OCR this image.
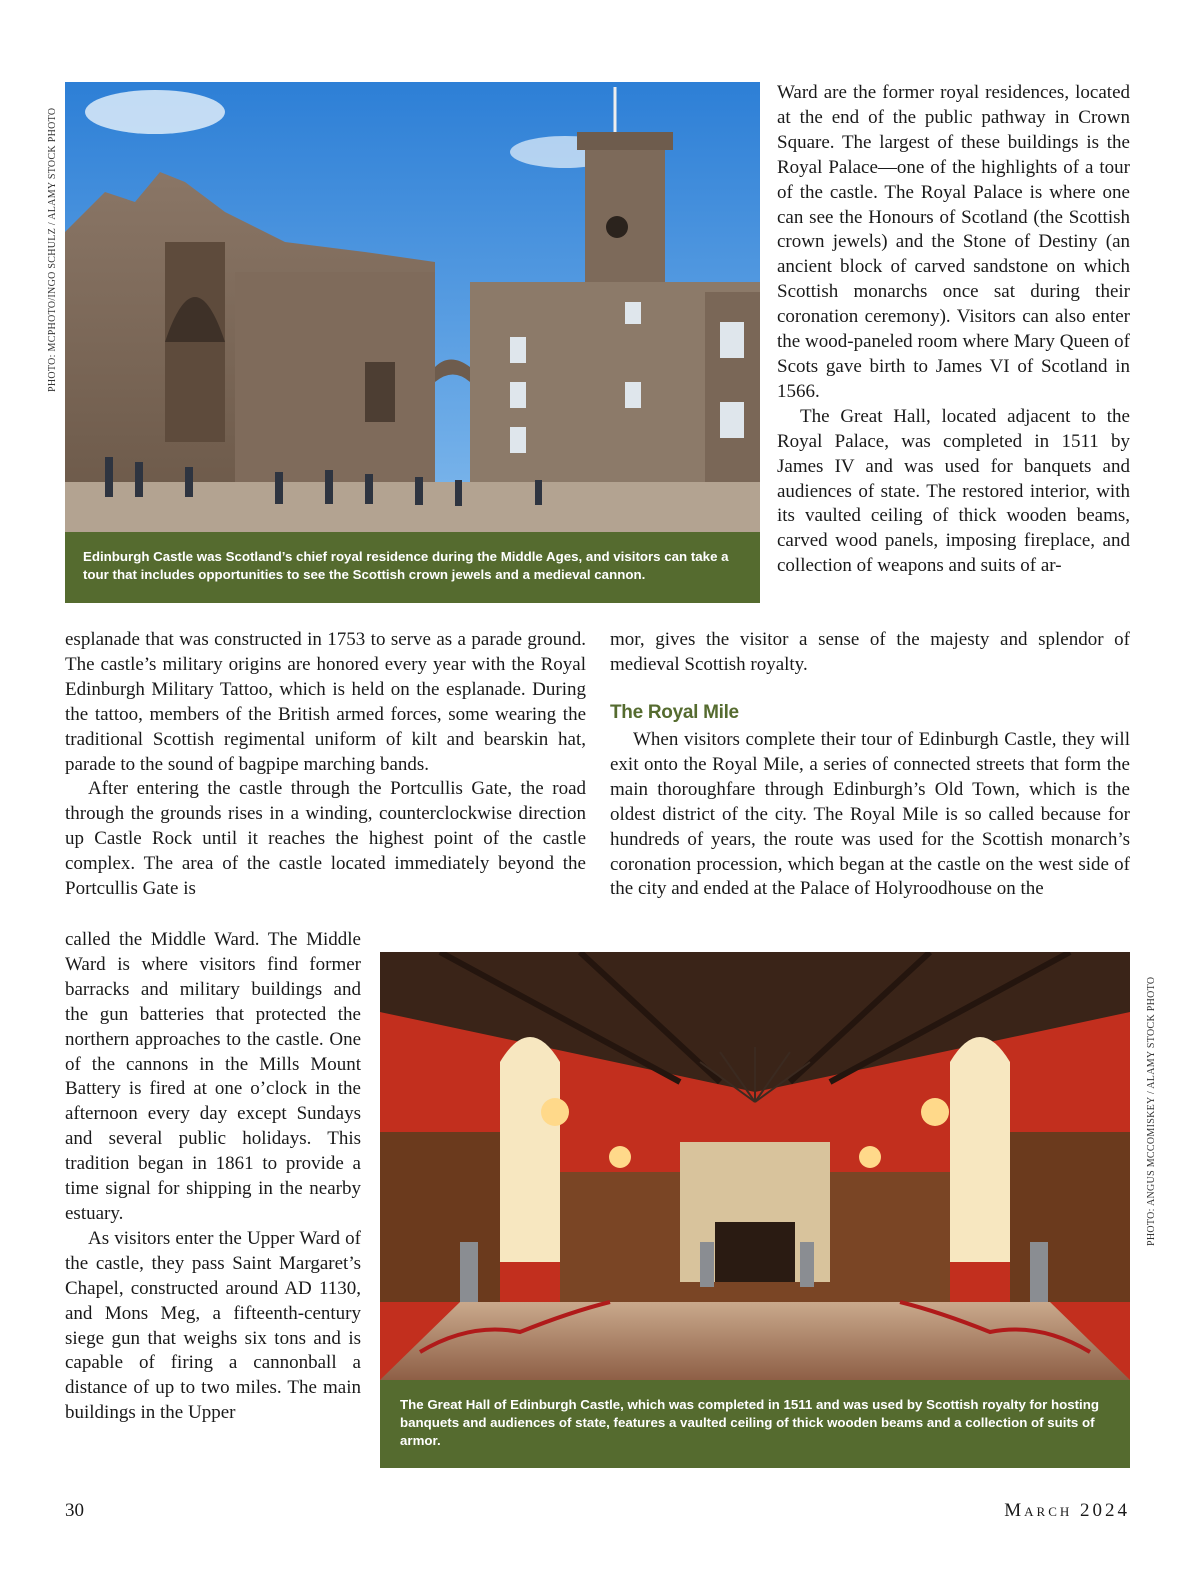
PHOTO: MCPHOTO/INGO SCHULZ / ALAMY STOCK PHOTO
PHOTO: ANGUS MCCOMISKEY / ALAMY STOCK PHOTO
Edinburgh Castle was Scotland’s chief royal residence during the Middle Ages, and visitors can take a tour that includes opportunities to see the Scottish crown jewels and a medieval cannon.

Ward are the former royal residences, located at the end of the public pathway in Crown Square. The largest of these buildings is the Royal Palace—one of the highlights of a tour of the castle. The Royal Palace is where one can see the Honours of Scotland (the Scottish crown jewels) and the Stone of Destiny (an ancient block of carved sandstone on which Scottish monarchs once sat during their coronation ceremony). Visitors can also enter the wood-paneled room where Mary Queen of Scots gave birth to James VI of Scotland in 1566.

The Great Hall, located adjacent to the Royal Palace, was completed in 1511 by James IV and was used for banquets and audiences of state. The restored interior, with its vaulted ceiling of thick wooden beams, carved wood panels, imposing fireplace, and collection of weapons and suits of ar-

esplanade that was constructed in 1753 to serve as a parade ground. The castle’s military origins are honored every year with the Royal Edinburgh Military Tattoo, which is held on the esplanade. During the tattoo, members of the British armed forces, some wearing the traditional Scottish regimental uniform of kilt and bearskin hat, parade to the sound of bagpipe marching bands.

After entering the castle through the Portcullis Gate, the road through the grounds rises in a winding, counterclockwise direction up Castle Rock until it reaches the highest point of the castle complex. The area of the castle located immediately beyond the Portcullis Gate is

mor, gives the visitor a sense of the majesty and splendor of medieval Scottish royalty.

The Royal Mile

When visitors complete their tour of Edinburgh Castle, they will exit onto the Royal Mile, a series of connected streets that form the main thoroughfare through Edinburgh’s Old Town, which is the oldest district of the city. The Royal Mile is so called because for hundreds of years, the route was used for the Scottish monarch’s coronation procession, which began at the castle on the west side of the city and ended at the Palace of Holyroodhouse on the

called the Middle Ward. The Middle Ward is where visitors find former barracks and military buildings and the gun batteries that protected the northern approaches to the castle. One of the cannons in the Mills Mount Battery is fired at one o’clock in the afternoon every day except Sundays and several public holidays. This tradition began in 1861 to provide a time signal for shipping in the nearby estuary.

As visitors enter the Upper Ward of the castle, they pass Saint Margaret’s Chapel, constructed around AD 1130, and Mons Meg, a fifteenth-century siege gun that weighs six tons and is capable of firing a cannonball a distance of up to two miles. The main buildings in the Upper	The Great Hall of Edinburgh Castle, which was completed in 1511 and was used by Scottish royalty for hosting banquets and audiences of state, features a vaulted ceiling of thick wooden beams and a collection of suits of armor.
30	March 2024
